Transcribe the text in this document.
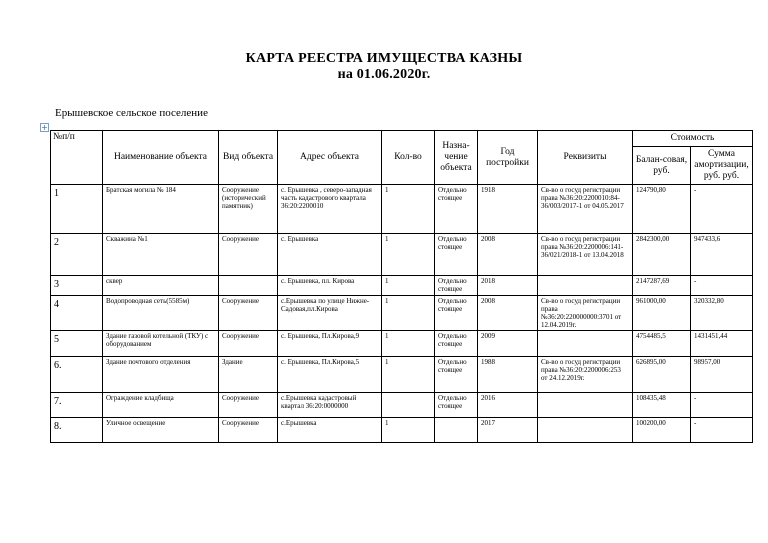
КАРТА РЕЕСТРА ИМУЩЕСТВА КАЗНЫ
на 01.06.2020г.
Ерышевское сельское поселение
+
№п/п	Наименование объекта	Вид объекта	Адрес объекта	Кол-во	Назна-чение объекта	Год постройки	Реквизиты	Стоимость	
								Балан-совая, руб.	Сумма амортизации, руб. руб.
1	Братская могила № 184	Сооружение (исторический памятник)	с. Ерышевка , северо-западная часть кадастрового квартала 36:20:2200010	1	Отдельно стоящее	1918	Св-во о госуд регистрации права №36:20:2200010:84-36/003/2017-1 от 04.05.2017	124790,80	-
2	Скважина №1	Сооружение	с. Ерышевка	1	Отдельно стоящее	2008	Св-во о госуд регистрации права №36:20:2200006:141-36/021/2018-1 от 13.04.2018	2842300,00	947433,6
3	сквер		с. Ерышевка, пл. Кирова	1	Отдельно стоящее	2018		2147287,69	-
4	Водопроводная сеть(5585м)	Сооружение	с.Ерышевка по улице Нижне-Садовая,пл.Кирова	1	Отдельно стоящее	2008	Св-во о госуд регистрации права №36:20:220000000:3701 от 12.04.2019г.	961000,00	320332,80
5	Здание газовой котельной (ТКУ) с оборудованием	Сооружение	с. Ерышевка, Пл.Кирова,9	1	Отдельно стоящее	2009		4754485,5	1431451,44
6.	Здание почтового отделения	Здание	с. Ерышевка, Пл.Кирова,5	1	Отдельно стоящее	1988	Св-во о госуд регистрации права №36:20:2200006:253 от 24.12.2019г.	626895,00	98957,00
7.	Ограждение кладбища	Сооружение	с.Ерышевка кадастровый квартал 36:20:0000000		Отдельно стоящее	2016		108435,48	-
8.	Уличное освещение	Сооружение	с.Ерышевка	1		2017		100200,00	-
